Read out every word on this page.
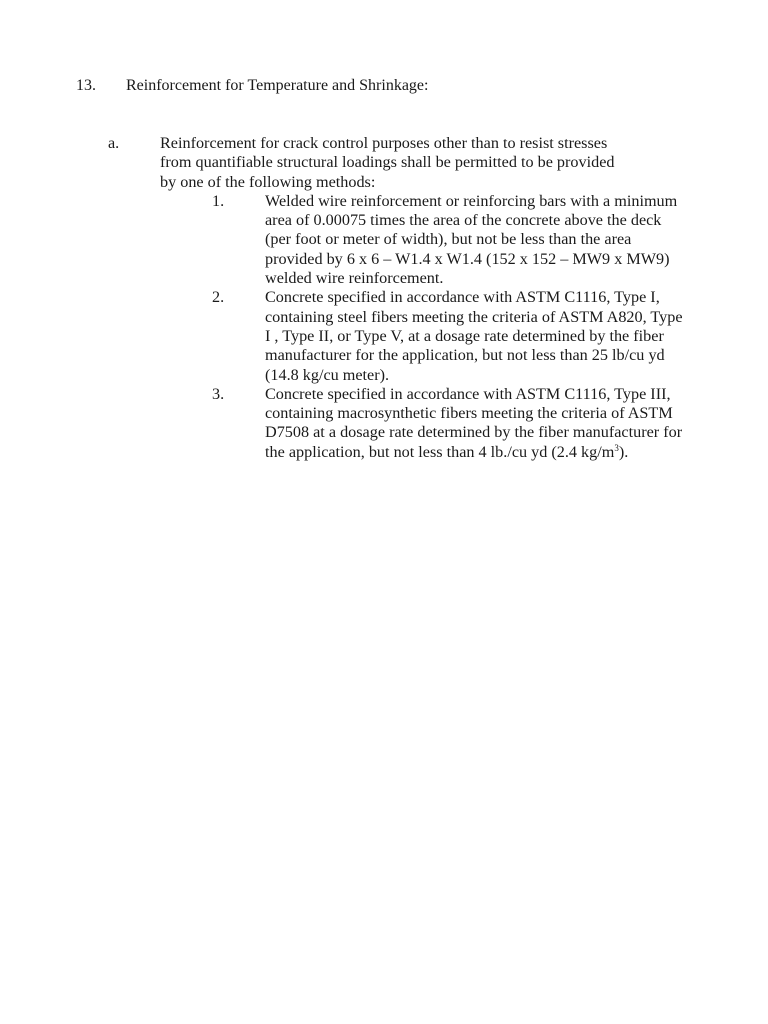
13. Reinforcement for Temperature and Shrinkage:
a.	Reinforcement for crack control purposes other than to resist stresses
from quantifiable structural loadings shall be permitted to be provided
by one of the following methods:
1.	Welded wire reinforcement or reinforcing bars with a minimum
area of 0.00075 times the area of the concrete above the deck
(per foot or meter of width), but not be less than the area
provided by 6 x 6 – W1.4 x W1.4 (152 x 152 – MW9 x MW9)
welded wire reinforcement.
2.	Concrete specified in accordance with ASTM C1116, Type I,
containing steel fibers meeting the criteria of ASTM A820, Type
I , Type II, or Type V, at a dosage rate determined by the fiber
manufacturer for the application, but not less than 25 lb/cu yd
(14.8 kg/cu meter).
3.	Concrete specified in accordance with ASTM C1116, Type III,
containing macrosynthetic fibers meeting the criteria of ASTM
D7508 at a dosage rate determined by the fiber manufacturer for
the application, but not less than 4 lb./cu yd (2.4 $kg/m^3$).
